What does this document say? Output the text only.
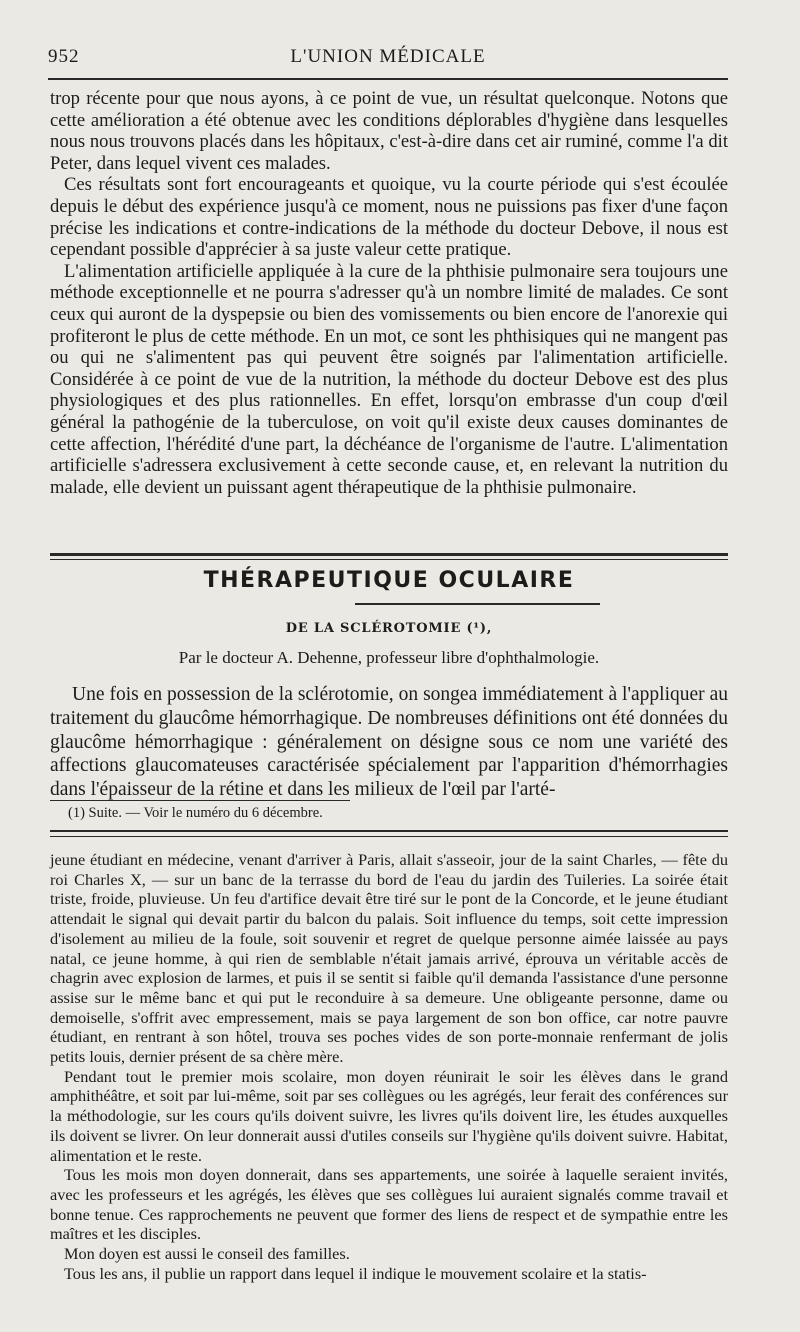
952	L'UNION MÉDICALE

trop récente pour que nous ayons, à ce point de vue, un résultat quelconque. Notons que cette amélioration a été obtenue avec les conditions déplorables d'hygiène dans lesquelles nous nous trouvons placés dans les hôpitaux, c'est-à-dire dans cet air ruminé, comme l'a dit Peter, dans lequel vivent ces malades.

Ces résultats sont fort encourageants et quoique, vu la courte période qui s'est écoulée depuis le début des expérience jusqu'à ce moment, nous ne puissions pas fixer d'une façon précise les indications et contre-indications de la méthode du docteur Debove, il nous est cependant possible d'apprécier à sa juste valeur cette pratique.

L'alimentation artificielle appliquée à la cure de la phthisie pulmonaire sera toujours une méthode exceptionnelle et ne pourra s'adresser qu'à un nombre limité de malades. Ce sont ceux qui auront de la dyspepsie ou bien des vomissements ou bien encore de l'anorexie qui profiteront le plus de cette méthode. En un mot, ce sont les phthisiques qui ne mangent pas ou qui ne s'alimentent pas qui peuvent être soignés par l'alimentation artificielle. Considérée à ce point de vue de la nutrition, la méthode du docteur Debove est des plus physiologiques et des plus rationnelles. En effet, lorsqu'on embrasse d'un coup d'œil général la pathogénie de la tuberculose, on voit qu'il existe deux causes dominantes de cette affection, l'hérédité d'une part, la déchéance de l'organisme de l'autre. L'alimentation artificielle s'adressera exclusivement à cette seconde cause, et, en relevant la nutrition du malade, elle devient un puissant agent thérapeutique de la phthisie pulmonaire.

THÉRAPEUTIQUE OCULAIRE
DE LA SCLÉROTOMIE (¹),
Par le docteur A. Dehenne, professeur libre d'ophthalmologie.

Une fois en possession de la sclérotomie, on songea immédiatement à l'appliquer au traitement du glaucôme hémorrhagique. De nombreuses définitions ont été données du glaucôme hémorrhagique : généralement on désigne sous ce nom une variété des affections glaucomateuses caractérisée spécialement par l'apparition d'hémorrhagies dans l'épaisseur de la rétine et dans les milieux de l'œil par l'arté-

(1) Suite. — Voir le numéro du 6 décembre.

jeune étudiant en médecine, venant d'arriver à Paris, allait s'asseoir, jour de la saint Charles, — fête du roi Charles X, — sur un banc de la terrasse du bord de l'eau du jardin des Tuileries. La soirée était triste, froide, pluvieuse. Un feu d'artifice devait être tiré sur le pont de la Concorde, et le jeune étudiant attendait le signal qui devait partir du balcon du palais. Soit influence du temps, soit cette impression d'isolement au milieu de la foule, soit souvenir et regret de quelque personne aimée laissée au pays natal, ce jeune homme, à qui rien de semblable n'était jamais arrivé, éprouva un véritable accès de chagrin avec explosion de larmes, et puis il se sentit si faible qu'il demanda l'assistance d'une personne assise sur le même banc et qui put le reconduire à sa demeure. Une obligeante personne, dame ou demoiselle, s'offrit avec empressement, mais se paya largement de son bon office, car notre pauvre étudiant, en rentrant à son hôtel, trouva ses poches vides de son porte-monnaie renfermant de jolis petits louis, dernier présent de sa chère mère.

Pendant tout le premier mois scolaire, mon doyen réunirait le soir les élèves dans le grand amphithéâtre, et soit par lui-même, soit par ses collègues ou les agrégés, leur ferait des conférences sur la méthodologie, sur les cours qu'ils doivent suivre, les livres qu'ils doivent lire, les études auxquelles ils doivent se livrer. On leur donnerait aussi d'utiles conseils sur l'hygiène qu'ils doivent suivre. Habitat, alimentation et le reste.

Tous les mois mon doyen donnerait, dans ses appartements, une soirée à laquelle seraient invités, avec les professeurs et les agrégés, les élèves que ses collègues lui auraient signalés comme travail et bonne tenue. Ces rapprochements ne peuvent que former des liens de respect et de sympathie entre les maîtres et les disciples.

Mon doyen est aussi le conseil des familles.

Tous les ans, il publie un rapport dans lequel il indique le mouvement scolaire et la statis-
